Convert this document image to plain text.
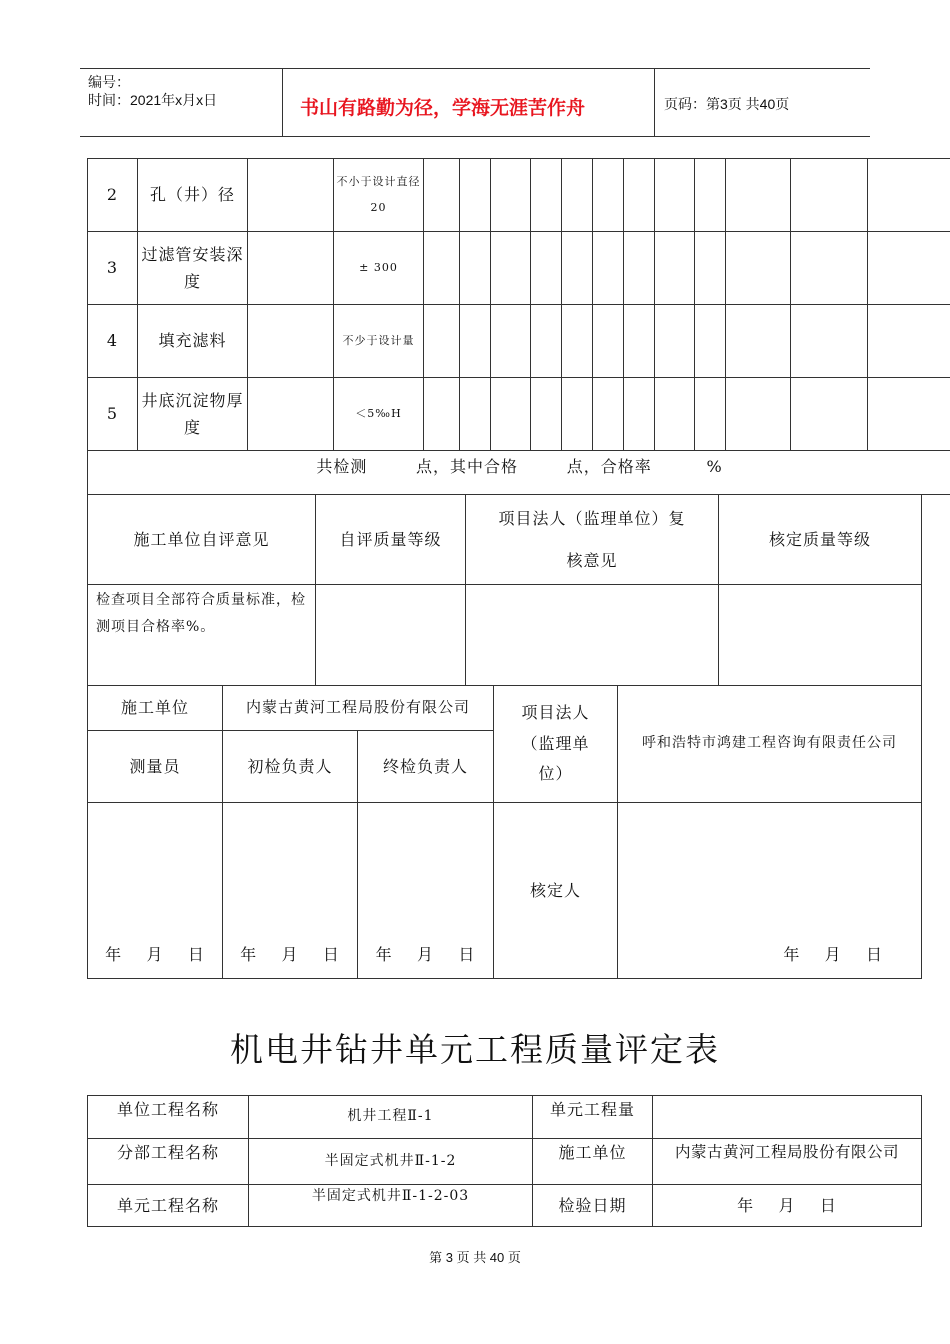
编号：
时间：2021年x月x日	书山有路勤为径，学海无涯苦作舟	页码：第3页 共40页
2	孔（井）径		不小于设计直径20												
3	过滤管安装深度		± 300												
4	填充滤料		不少于设计量												
5	井底沉淀物厚度		＜5‰H												
共检测        点，其中合格        点，合格率         %															
施工单位自评意见	自评质量等级	项目法人（监理单位）复核意见	核定质量等级
检查项目全部符合质量标准，检测项目合格率%。			
施工单位	内蒙古黄河工程局股份有限公司		项目法人（监理单位）	呼和浩特市鸿建工程咨询有限责任公司
测量员	初检负责人	终检负责人		
年    月    日	年    月    日	年    月    日	核定人	年    月    日
机电井钻井单元工程质量评定表
单位工程名称	机井工程Ⅱ-1	单元工程量	
分部工程名称	半固定式机井Ⅱ-1-2	施工单位	内蒙古黄河工程局股份有限公司
单元工程名称	半固定式机井Ⅱ-1-2-03	检验日期	年    月    日
第 3 页 共 40 页
